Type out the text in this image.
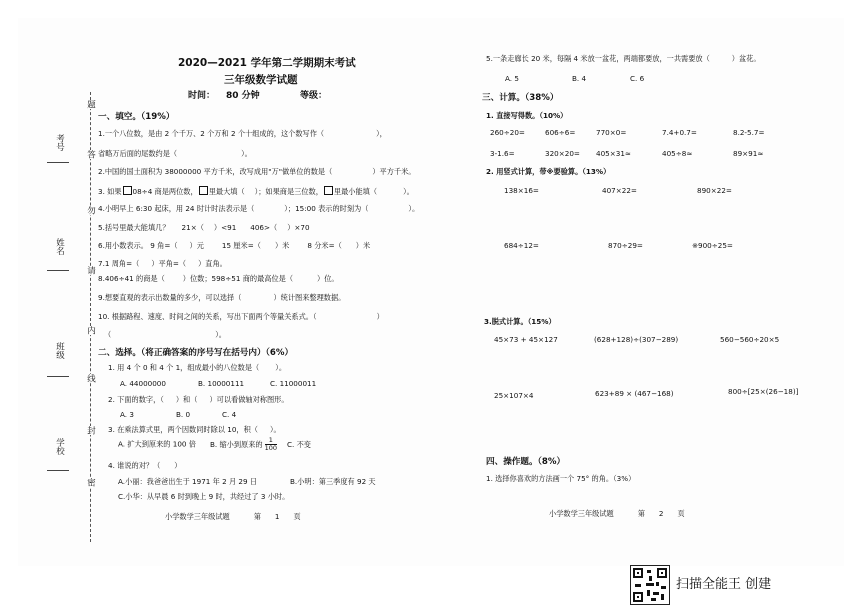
考号
姓名
班级
学校
题
答
勿
请
内
线
封
密
2020—2021 学年第二学期期末考试
三年级数学试题
时间： 80 分钟	等级：
一、填空。（19%）
1.一个八位数，是由 2 个千万、2 个万和 2 个十组成的，这个数写作（	），
省略万后面的尾数约是（	）。
2.中国的国土面积为 38000000 平方千米，改写成用"万"做单位的数是（	）平方千米。
3. 如果 08÷4 商是两位数， 里最大填（ ）；如果商是三位数， 里最小能填（	）。
4.小明早上 6:30 起床，用 24 时计时法表示是（	）；15:00 表示的时刻为（	）。
5.括号里最大能填几？ 21×（ ）<91 406>（ ）×70
6.用小数表示。 9 角=（ ）元	15 厘米=（ ）米	8 分米=（ ）米
7.1 周角=（ ）平角=（ ）直角。
8.406÷41 的商是（	）位数；598÷51 商的最高位是（	）位。
9.想要直观的表示出数量的多少，可以选择（	）统计图来整理数据。
10. 根据路程、速度、时间之间的关系，写出下面两个等量关系式。（	）
（	）。
二、选择。（将正确答案的序号写在括号内）（6%）
1. 用 4 个 0 和 4 个 1，组成最小的八位数是（ ）。
A. 44000000	B. 10000111	C. 11000011
2. 下面的数字，（ ）和（ ）可以看做轴对称图形。
A. 3	B. 0	C. 4
3. 在乘法算式里，两个因数同时除以 10，积（ ）。
A. 扩大到原来的 100 倍 B. 缩小到原来的 $\frac{1}{100} C$. 不变
4. 谁说的对？（ ）
A.小丽：我爸爸出生于 1971 年 2 月 29 日	B.小明：第三季度有 92 天
C.小华：从早晨 6 时到晚上 9 时，共经过了 3 小时。
小学数学三年级试题	第 1 页
5.一条走廊长 20 米，每隔 4 米放一盆花，两端都要放，一共需要放（	）盆花。
A. 5	B. 4	C. 6
三、计算。（38%）
1. 直接写得数。（10%）
260÷20=	606÷6=	770×0=	7.4+0.7=	8.2-5.7=
3-1.6=	320×20= 405×31≈	405÷8≈	89×91≈
2. 用竖式计算，带※要验算。（13%）
138×16=	407×22=	890×22=
684÷12=	870÷29=	※900÷25=
3.脱式计算。（15%）
45×73 + 45×127	(628+128)÷(307−289)	560−560÷20×5
25×107×4	623+89 × (467−168)	800÷[25×(26−18)]
四、操作题。（8%）
1. 选择你喜欢的方法画一个 75° 的角。（3%）
小学数学三年级试题	第 2 页
扫描全能王 创建
